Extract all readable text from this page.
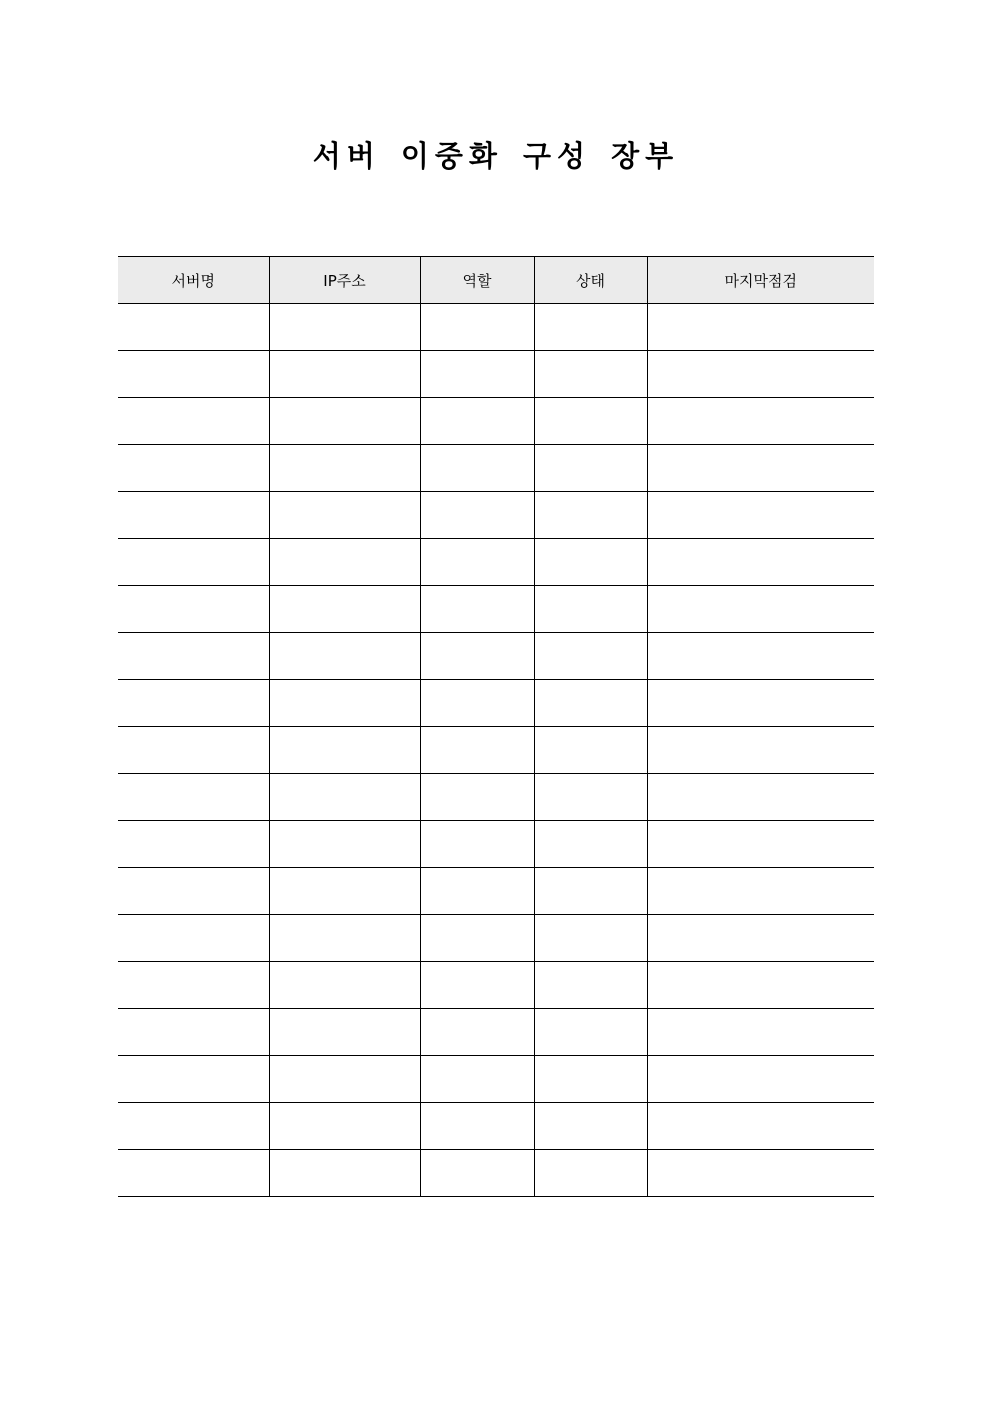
서버 이중화 구성 장부
서버명	IP주소	역할	상태	마지막점검
